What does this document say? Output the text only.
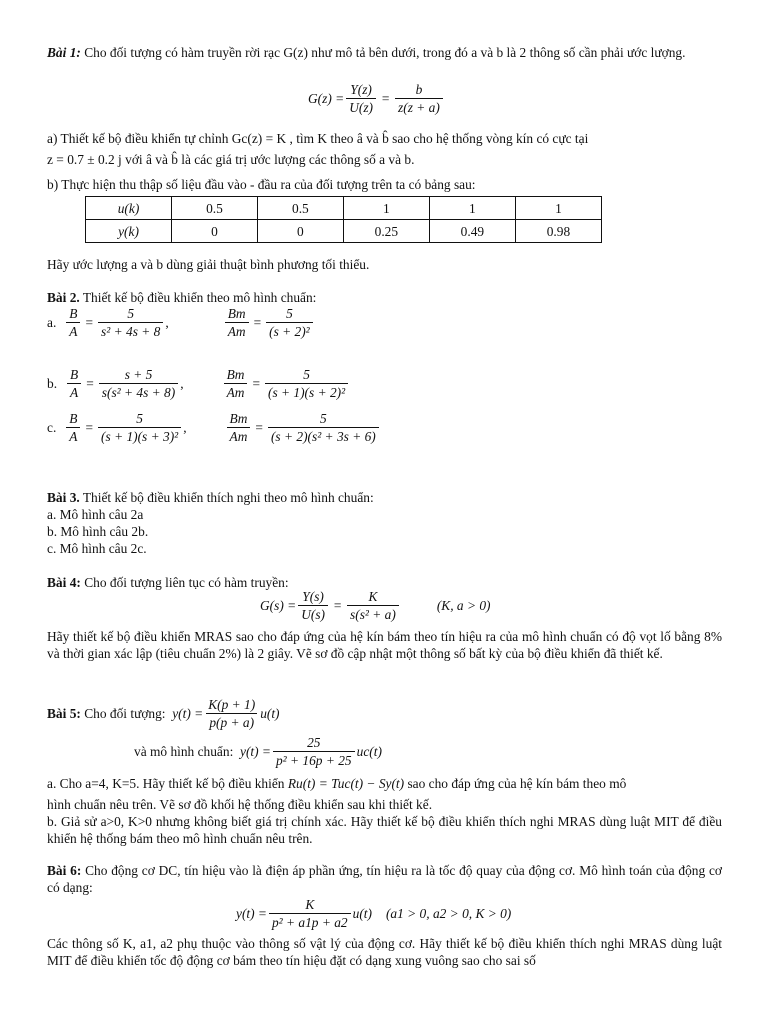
Bài 1: Cho đối tượng có hàm truyền rời rạc G(z) như mô tả bên dưới, trong đó a và b là 2 thông số cần phải ước lượng.
$G(z) = \frac{Y(z)}{U(z)} = \frac{b}{z(z + a)}$
a) Thiết kế bộ điều khiển tự chỉnh Gc(z) = K , tìm K theo â và b̂ sao cho hệ thống vòng kín có cực tại
z = 0.7 ± 0.2 j với â và b̂ là các giá trị ước lượng các thông số a và b.
b) Thực hiện thu thập số liệu đầu vào - đầu ra của đối tượng trên ta có bảng sau:
u(k)	0.5	0.5	1	1	1
y(k)	0	0	0.25	0.49	0.98
Hãy ước lượng a và b dùng giải thuật bình phương tối thiểu.
Bài 2. Thiết kế bộ điều khiển theo mô hình chuẩn:
a. $\frac{B}{A} = \frac{5}{\text{s² + 4s + 8}}$ ,	$\frac{Bm}{Am} = \frac{5}{\text{(s + 2)²}}$
b. $\frac{B}{A} = \frac{s + 5}{\text{s(s² + 4s + 8)}}$ ,	$\frac{Bm}{Am} = \frac{5}{\text{(s + 1)(s + 2)²}}$
c. $\frac{B}{A} = \frac{5}{\text{(s + 1)(s + 3)²}}$ ,	$\frac{Bm}{Am} = \frac{5}{\text{(s + 2)(s² + 3s + 6)}}$
Bài 3. Thiết kế bộ điều khiển thích nghi theo mô hình chuẩn:
a. Mô hình câu 2a
b. Mô hình câu 2b.
c. Mô hình câu 2c.
Bài 4: Cho đối tượng liên tục có hàm truyền:
$G(s) = \frac{Y(s)}{U(s)} = \frac{K}{\text{s(s² + a)}}$	(K, a > 0)
Hãy thiết kế bộ điều khiển MRAS sao cho đáp ứng của hệ kín bám theo tín hiệu ra của mô hình chuẩn có độ vọt lố bằng 8% và thời gian xác lập (tiêu chuẩn 2%) là 2 giây. Vẽ sơ đồ cập nhật một thông số bất kỳ của bộ điều khiển đã thiết kế.
Bài 5:
Cho đối tượng:
$y(t) = \frac{K(p + 1)}{p(p + a)} u(t)$
và mô hình chuẩn:
$y(t) = \frac{25}{\text{p² + 16p + 25}} uc(t)$
a. Cho a=4, K=5. Hãy thiết kế bộ điều khiển Ru(t) = Tuc(t) − Sy(t) sao cho đáp ứng của hệ kín bám theo mô
hình chuẩn nêu trên. Vẽ sơ đồ khối hệ thống điều khiển sau khi thiết kế.
b. Giả sử a>0, K>0 nhưng không biết giá trị chính xác. Hãy thiết kế bộ điều khiển thích nghi MRAS dùng luật MIT để điều khiển hệ thống bám theo mô hình chuẩn nêu trên.
Bài 6: Cho động cơ DC, tín hiệu vào là điện áp phần ứng, tín hiệu ra là tốc độ quay của động cơ. Mô hình toán của động cơ có dạng:
$y(t) = \frac{K}{\text{p² + a1p + a2}} u(t) (a1 > 0$, a2 > 0, K > 0)
Các thông số K, a1, a2 phụ thuộc vào thông số vật lý của động cơ. Hãy thiết kế bộ điều khiển thích nghi MRAS dùng luật MIT để điều khiển tốc độ động cơ bám theo tín hiệu đặt có dạng xung vuông sao cho sai số
